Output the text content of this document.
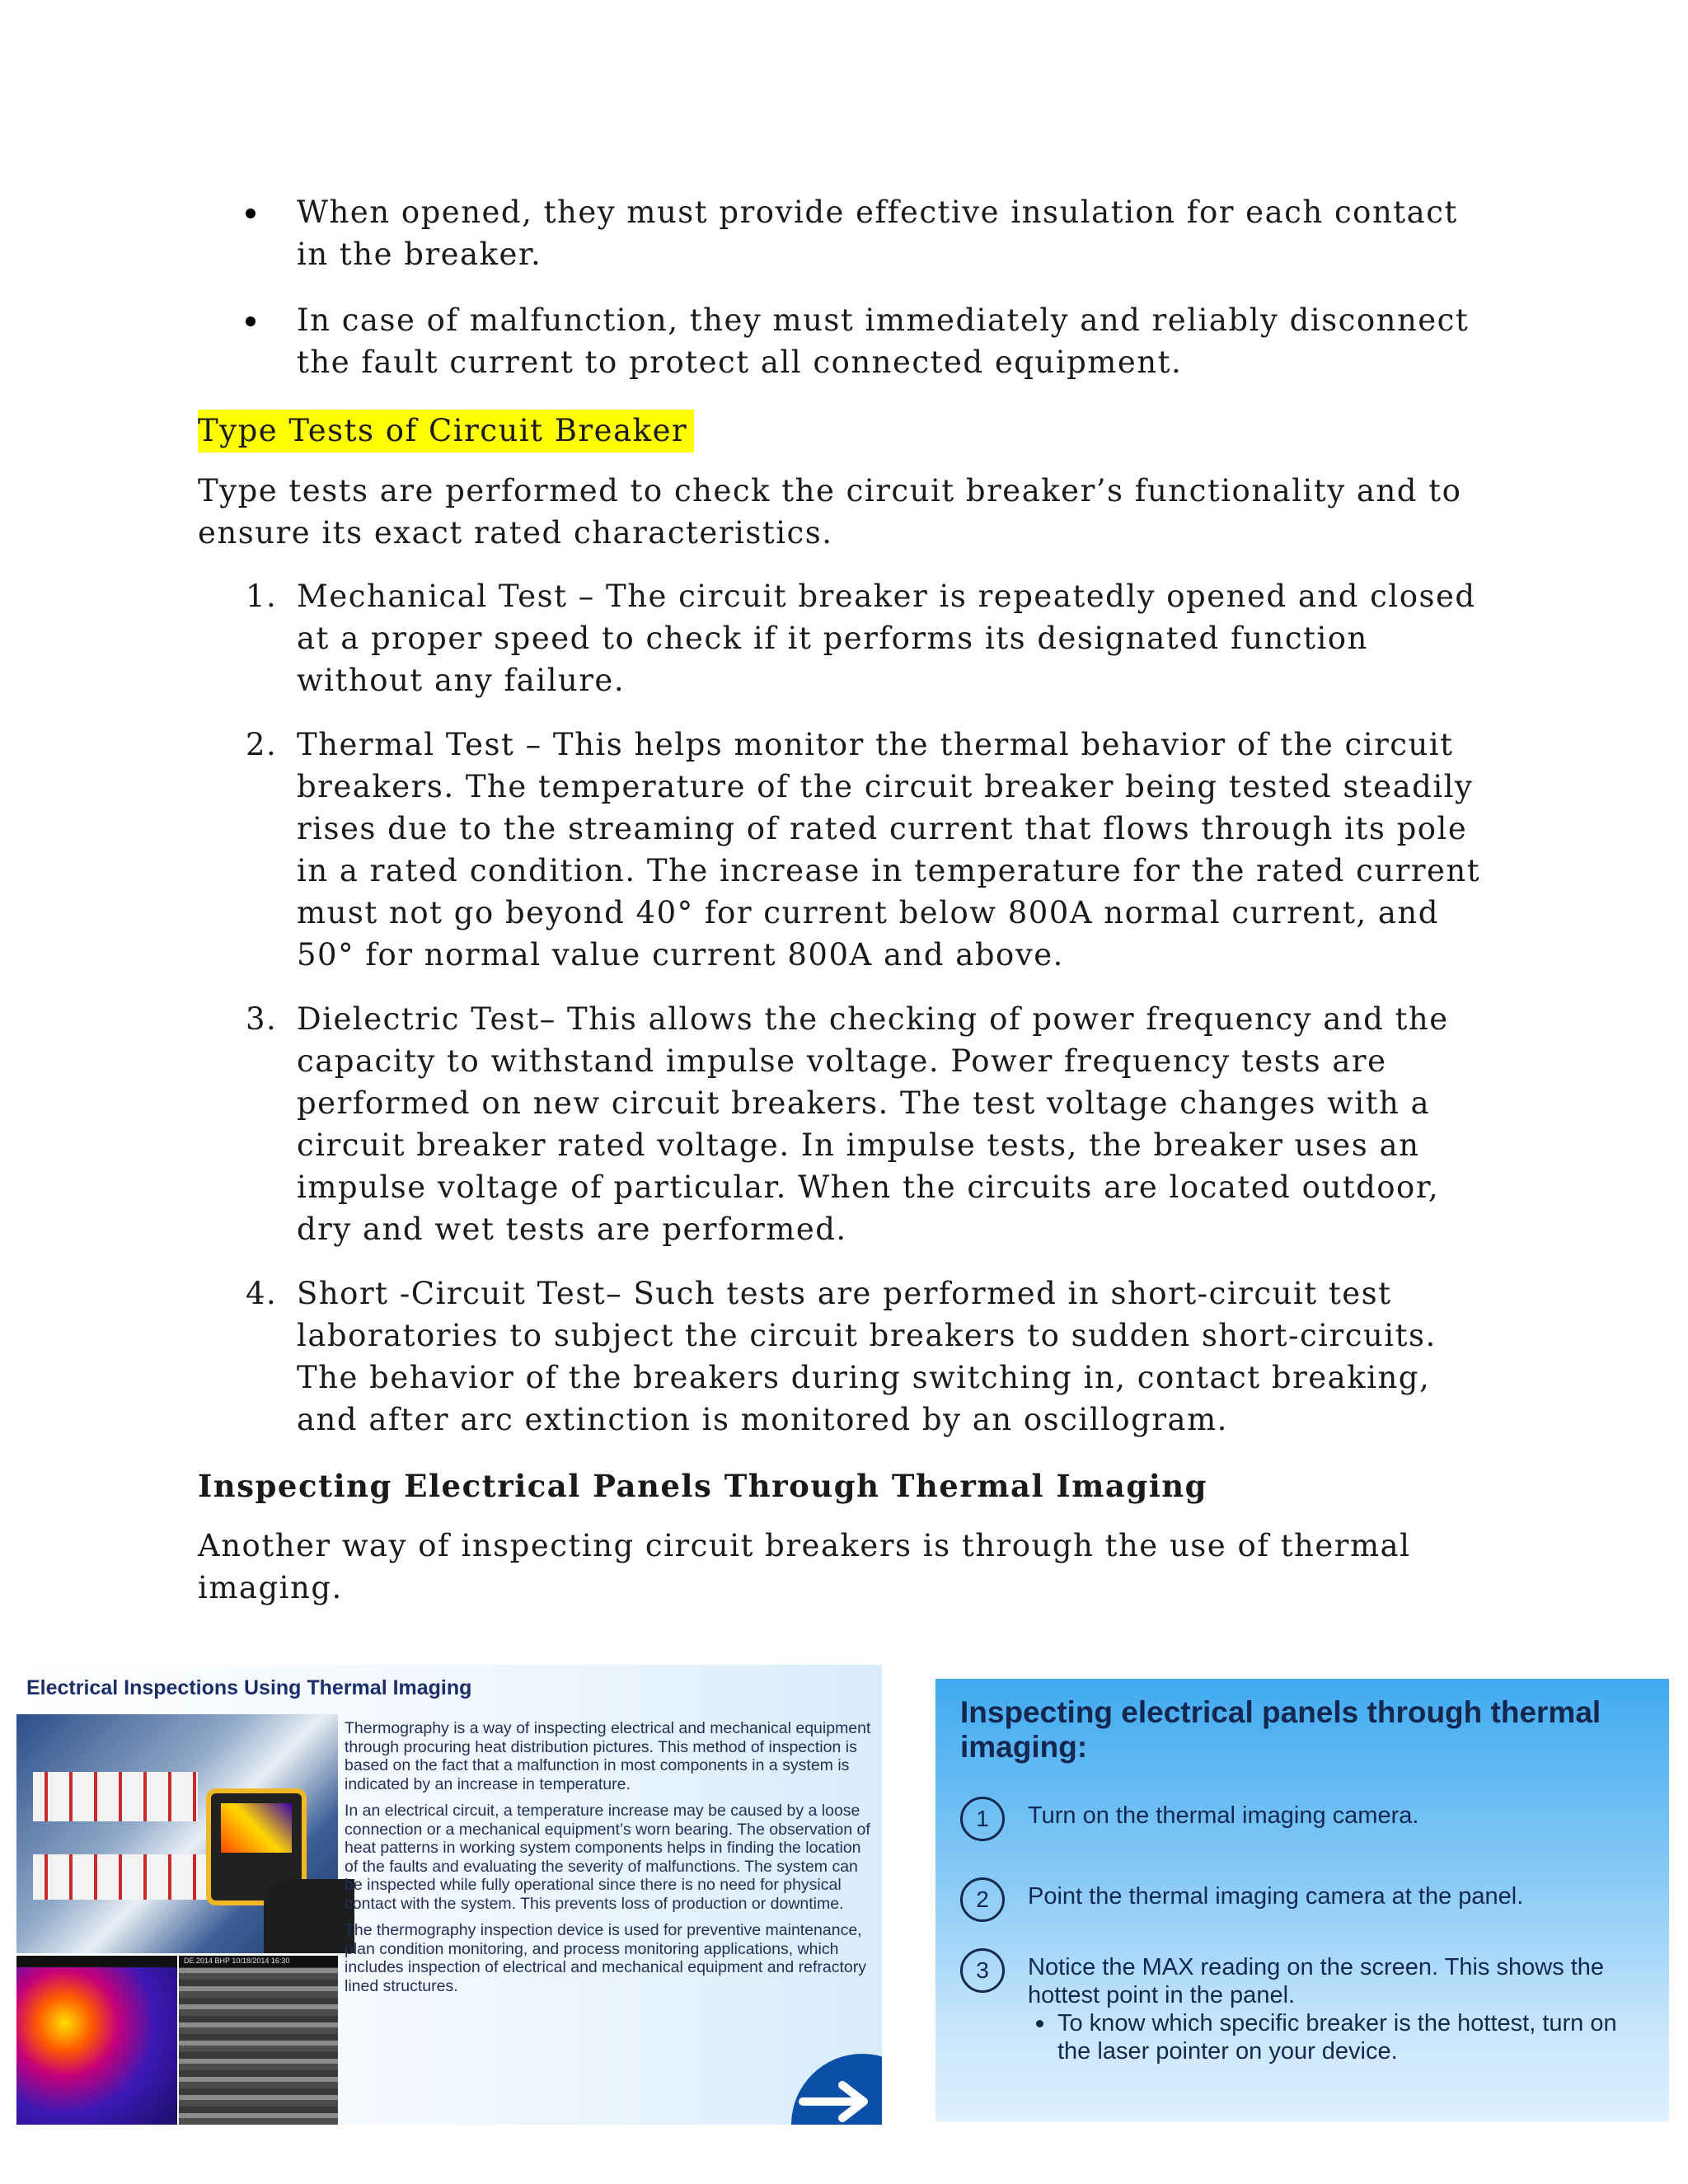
When opened, they must provide effective insulation for each contact in the breaker.
In case of malfunction, they must immediately and reliably disconnect the fault current to protect all connected equipment.
Type Tests of Circuit Breaker
Type tests are performed to check the circuit breaker’s functionality and to ensure its exact rated characteristics.
1. Mechanical Test – The circuit breaker is repeatedly opened and closed at a proper speed to check if it performs its designated function without any failure.
2. Thermal Test – This helps monitor the thermal behavior of the circuit breakers. The temperature of the circuit breaker being tested steadily rises due to the streaming of rated current that flows through its pole in a rated condition. The increase in temperature for the rated current must not go beyond 40° for current below 800A normal current, and 50° for normal value current 800A and above.
3. Dielectric Test– This allows the checking of power frequency and the capacity to withstand impulse voltage. Power frequency tests are performed on new circuit breakers. The test voltage changes with a circuit breaker rated voltage. In impulse tests, the breaker uses an impulse voltage of particular. When the circuits are located outdoor, dry and wet tests are performed.
4. Short -Circuit Test– Such tests are performed in short-circuit test laboratories to subject the circuit breakers to sudden short-circuits. The behavior of the breakers during switching in, contact breaking, and after arc extinction is monitored by an oscillogram.
Inspecting Electrical Panels Through Thermal Imaging
Another way of inspecting circuit breakers is through the use of thermal imaging.
Electrical Inspections Using Thermal Imaging
DE.2014 BHP 10/18/2014 16:30

Thermography is a way of inspecting electrical and mechanical equipment through procuring heat distribution pictures. This method of inspection is based on the fact that a malfunction in most components in a system is indicated by an increase in temperature.

In an electrical circuit, a temperature increase may be caused by a loose connection or a mechanical equipment’s worn bearing. The observation of heat patterns in working system components helps in finding the location of the faults and evaluating the severity of malfunctions. The system can be inspected while fully operational since there is no need for physical contact with the system. This prevents loss of production or downtime.

The thermography inspection device is used for preventive maintenance, plan condition monitoring, and process monitoring applications, which includes inspection of electrical and mechanical equipment and refractory lined structures.

Inspecting electrical panels through thermal imaging:
1	Turn on the thermal imaging camera.
2	Point the thermal imaging camera at the panel.
3	Notice the MAX reading on the screen. This shows the hottest point in the panel.
To know which specific breaker is the hottest, turn on the laser pointer on your device.
